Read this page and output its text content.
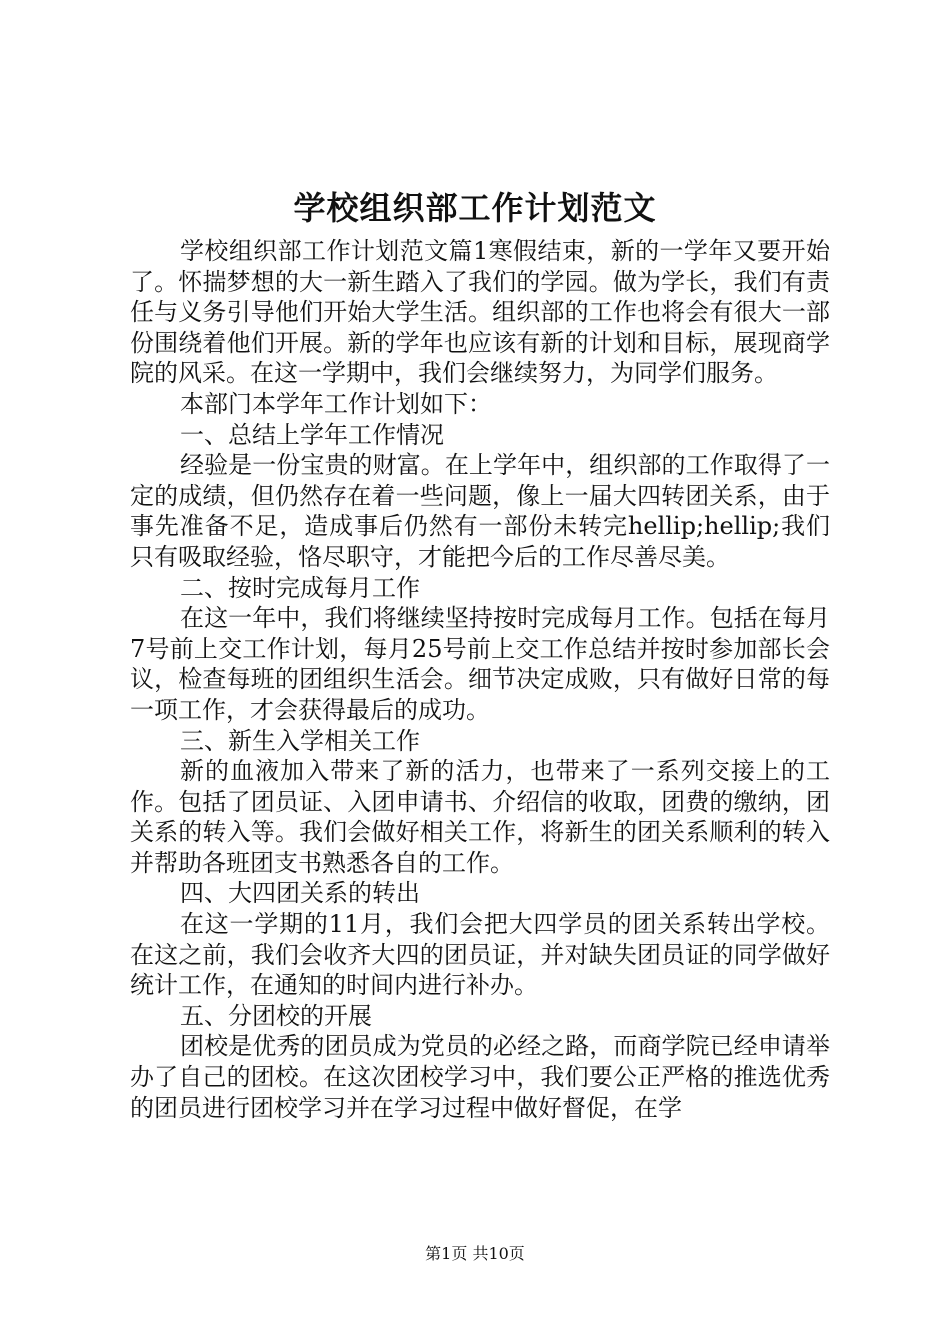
学校组织部工作计划范文

学校组织部工作计划范文篇1寒假结束，新的一学年又要开始了。怀揣梦想的大一新生踏入了我们的学园。做为学长，我们有责任与义务引导他们开始大学生活。组织部的工作也将会有很大一部份围绕着他们开展。新的学年也应该有新的计划和目标，展现商学院的风采。在这一学期中，我们会继续努力，为同学们服务。

本部门本学年工作计划如下：

一、总结上学年工作情况

经验是一份宝贵的财富。在上学年中，组织部的工作取得了一定的成绩，但仍然存在着一些问题，像上一届大四转团关系，由于事先准备不足，造成事后仍然有一部份未转完hellip;hellip;我们只有吸取经验，恪尽职守，才能把今后的工作尽善尽美。

二、按时完成每月工作

在这一年中，我们将继续坚持按时完成每月工作。包括在每月7号前上交工作计划，每月25号前上交工作总结并按时参加部长会议，检查每班的团组织生活会。细节决定成败，只有做好日常的每一项工作，才会获得最后的成功。

三、新生入学相关工作

新的血液加入带来了新的活力，也带来了一系列交接上的工作。包括了团员证、入团申请书、介绍信的收取，团费的缴纳，团关系的转入等。我们会做好相关工作，将新生的团关系顺利的转入并帮助各班团支书熟悉各自的工作。

四、大四团关系的转出

在这一学期的11月，我们会把大四学员的团关系转出学校。在这之前，我们会收齐大四的团员证，并对缺失团员证的同学做好统计工作，在通知的时间内进行补办。

五、分团校的开展

团校是优秀的团员成为党员的必经之路，而商学院已经申请举办了自己的团校。在这次团校学习中，我们要公正严格的推选优秀的团员进行团校学习并在学习过程中做好督促，在学

第1页 共10页
